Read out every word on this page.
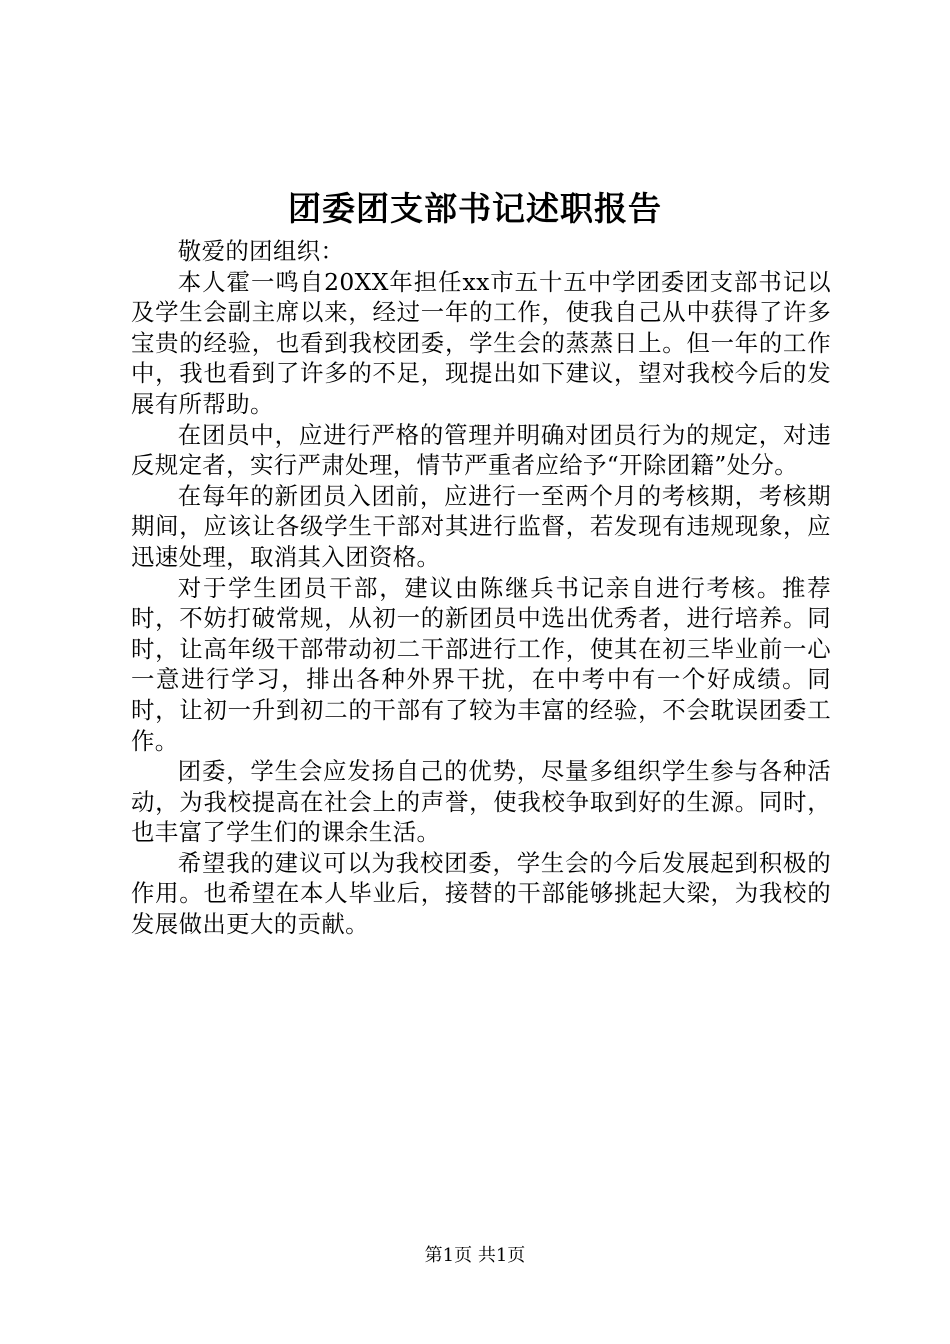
团委团支部书记述职报告

敬爱的团组织：

本人霍一鸣自20XX年担任xx市五十五中学团委团支部书记以及学生会副主席以来，经过一年的工作，使我自己从中获得了许多宝贵的经验，也看到我校团委，学生会的蒸蒸日上。但一年的工作中，我也看到了许多的不足，现提出如下建议，望对我校今后的发展有所帮助。

在团员中，应进行严格的管理并明确对团员行为的规定，对违反规定者，实行严肃处理，情节严重者应给予“开除团籍”处分。

在每年的新团员入团前，应进行一至两个月的考核期，考核期期间，应该让各级学生干部对其进行监督，若发现有违规现象，应迅速处理，取消其入团资格。

对于学生团员干部，建议由陈继兵书记亲自进行考核。推荐时，不妨打破常规，从初一的新团员中选出优秀者，进行培养。同时，让高年级干部带动初二干部进行工作，使其在初三毕业前一心一意进行学习，排出各种外界干扰，在中考中有一个好成绩。同时，让初一升到初二的干部有了较为丰富的经验，不会耽误团委工作。

团委，学生会应发扬自己的优势，尽量多组织学生参与各种活动，为我校提高在社会上的声誉，使我校争取到好的生源。同时，也丰富了学生们的课余生活。

希望我的建议可以为我校团委，学生会的今后发展起到积极的作用。也希望在本人毕业后，接替的干部能够挑起大梁，为我校的发展做出更大的贡献。

第1页 共1页
